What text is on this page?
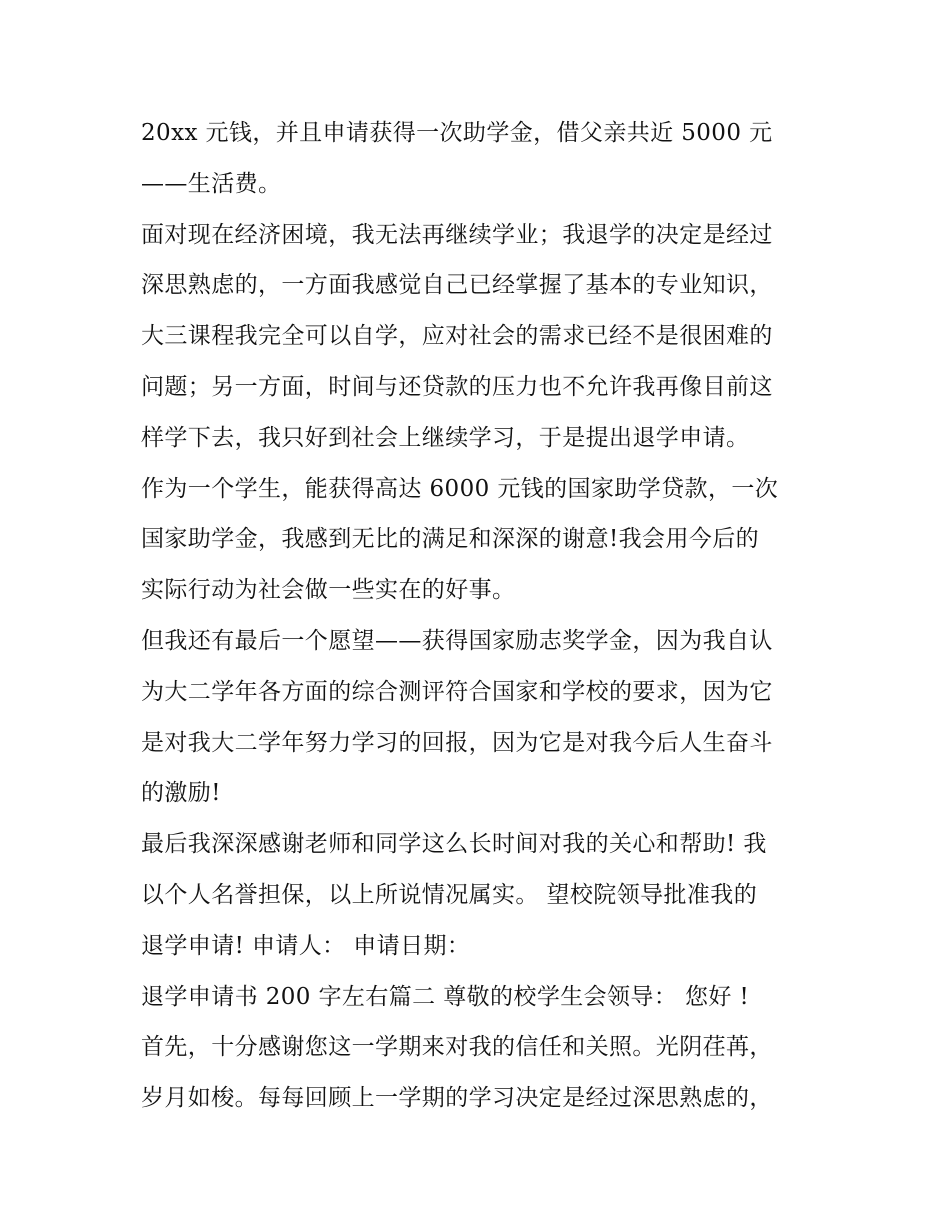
20xx 元钱，并且申请获得一次助学金，借父亲共近 5000 元
——生活费。
面对现在经济困境，我无法再继续学业；我退学的决定是经过
深思熟虑的，一方面我感觉自己已经掌握了基本的专业知识，
大三课程我完全可以自学，应对社会的需求已经不是很困难的
问题；另一方面，时间与还贷款的压力也不允许我再像目前这
样学下去，我只好到社会上继续学习，于是提出退学申请。
作为一个学生，能获得高达 6000 元钱的国家助学贷款，一次
国家助学金，我感到无比的满足和深深的谢意!我会用今后的
实际行动为社会做一些实在的好事。
但我还有最后一个愿望——获得国家励志奖学金，因为我自认
为大二学年各方面的综合测评符合国家和学校的要求，因为它
是对我大二学年努力学习的回报，因为它是对我今后人生奋斗
的激励!
最后我深深感谢老师和同学这么长时间对我的关心和帮助! 我
以个人名誉担保，以上所说情况属实。 望校院领导批准我的
退学申请! 申请人： 申请日期：
退学申请书 200 字左右篇二 尊敬的校学生会领导： 您好 !
首先，十分感谢您这一学期来对我的信任和关照。光阴荏苒，
岁月如梭。每每回顾上一学期的学习决定是经过深思熟虑的，
